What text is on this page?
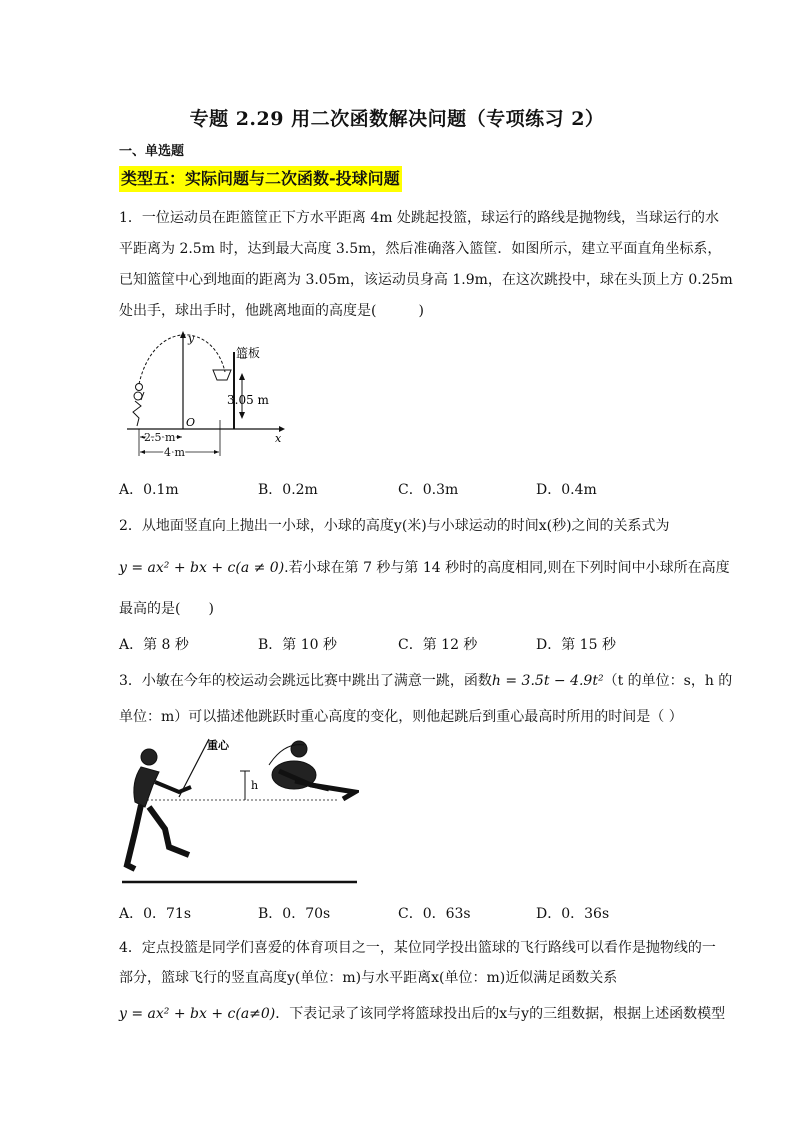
专题 2.29 用二次函数解决问题（专项练习 2）
一、单选题
类型五：实际问题与二次函数-投球问题
1．一位运动员在距篮筐正下方水平距离 4m 处跳起投篮，球运行的路线是抛物线，当球运行的水
平距离为 2.5m 时，达到最大高度 3.5m，然后准确落入篮筐．如图所示，建立平面直角坐标系，
已知篮筐中心到地面的距离为 3.05m，该运动员身高 1.9m，在这次跳投中，球在头顶上方 0.25m
处出手，球出手时，他跳离地面的高度是(　　　)
x
y
O
篮板
3.05 m
2.5 m
4 m
A．0.1m	B．0.2m	C．0.3m	D．0.4m
2．从地面竖直向上抛出一小球，小球的高度y(米)与小球运动的时间x(秒)之间的关系式为
y = ax² + bx + c(a ≠ 0).若小球在第 7 秒与第 14 秒时的高度相同,则在下列时间中小球所在高度
最高的是(　　)
A．第 8 秒	B．第 10 秒	C．第 12 秒	D．第 15 秒
3．小敏在今年的校运动会跳远比赛中跳出了满意一跳，函数h = 3.5t − 4.9t²（t 的单位：s，h 的
单位：m）可以描述他跳跃时重心高度的变化，则他起跳后到重心最高时所用的时间是（ ）
重心
h
A．0．71s	B．0．70s	C．0．63s	D．0．36s
4．定点投篮是同学们喜爱的体育项目之一，某位同学投出篮球的飞行路线可以看作是抛物线的一
部分，篮球飞行的竖直高度y(单位：m)与水平距离x(单位：m)近似满足函数关系
y = ax² + bx + c(a≠0)．下表记录了该同学将篮球投出后的x与y的三组数据，根据上述函数模型
